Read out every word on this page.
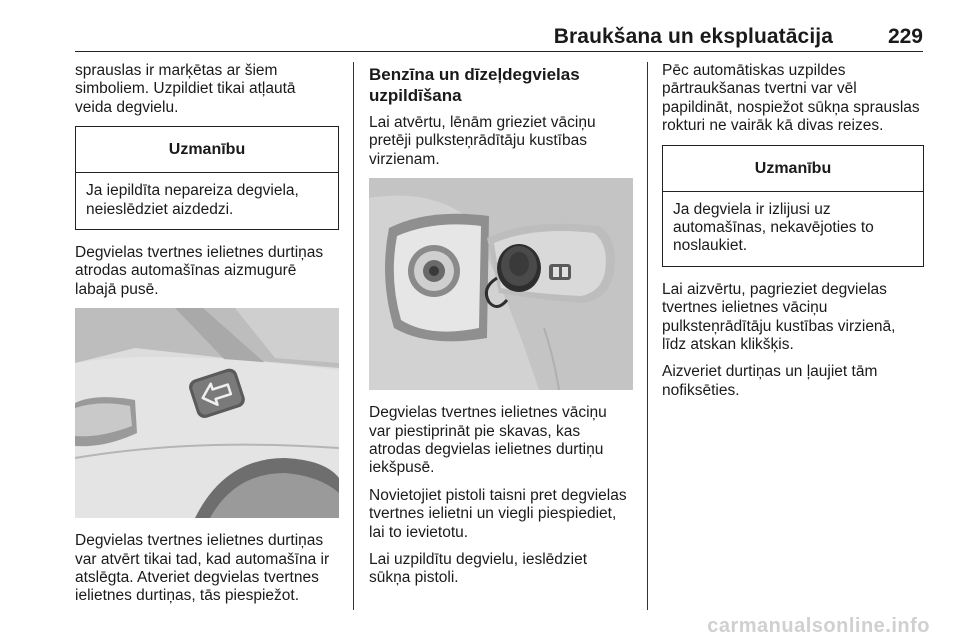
Braukšana un ekspluatācija	229

sprauslas ir marķētas ar šiem
simboliem. Uzpildiet tikai atļautā
veida degvielu.

Uzmanību
Ja iepildīta nepareiza degviela,
neieslēdziet aizdedzi.

Degvielas tvertnes ielietnes durtiņas
atrodas automašīnas aizmugurē
labajā pusē.

Degvielas tvertnes ielietnes durtiņas
var atvērt tikai tad, kad automašīna ir
atslēgta. Atveriet degvielas tvertnes
ielietnes durtiņas, tās piespiežot.

Benzīna un dīzeļdegvielas
uzpildīšana

Lai atvērtu, lēnām grieziet vāciņu
pretēji pulksteņrādītāju kustības
virzienam.

Degvielas tvertnes ielietnes vāciņu
var piestiprināt pie skavas, kas
atrodas degvielas ielietnes durtiņu
iekšpusē.

Novietojiet pistoli taisni pret degvielas
tvertnes ielietni un viegli piespiediet,
lai to ievietotu.

Lai uzpildītu degvielu, ieslēdziet
sūkņa pistoli.

Pēc automātiskas uzpildes
pārtraukšanas tvertni var vēl
papildināt, nospiežot sūkņa sprauslas
rokturi ne vairāk kā divas reizes.

Uzmanību
Ja degviela ir izlijusi uz
automašīnas, nekavējoties to
noslaukiet.

Lai aizvērtu, pagrieziet degvielas
tvertnes ielietnes vāciņu
pulksteņrādītāju kustības virzienā,
līdz atskan klikšķis.

Aizveriet durtiņas un ļaujiet tām
nofiksēties.

carmanualsonline.info
